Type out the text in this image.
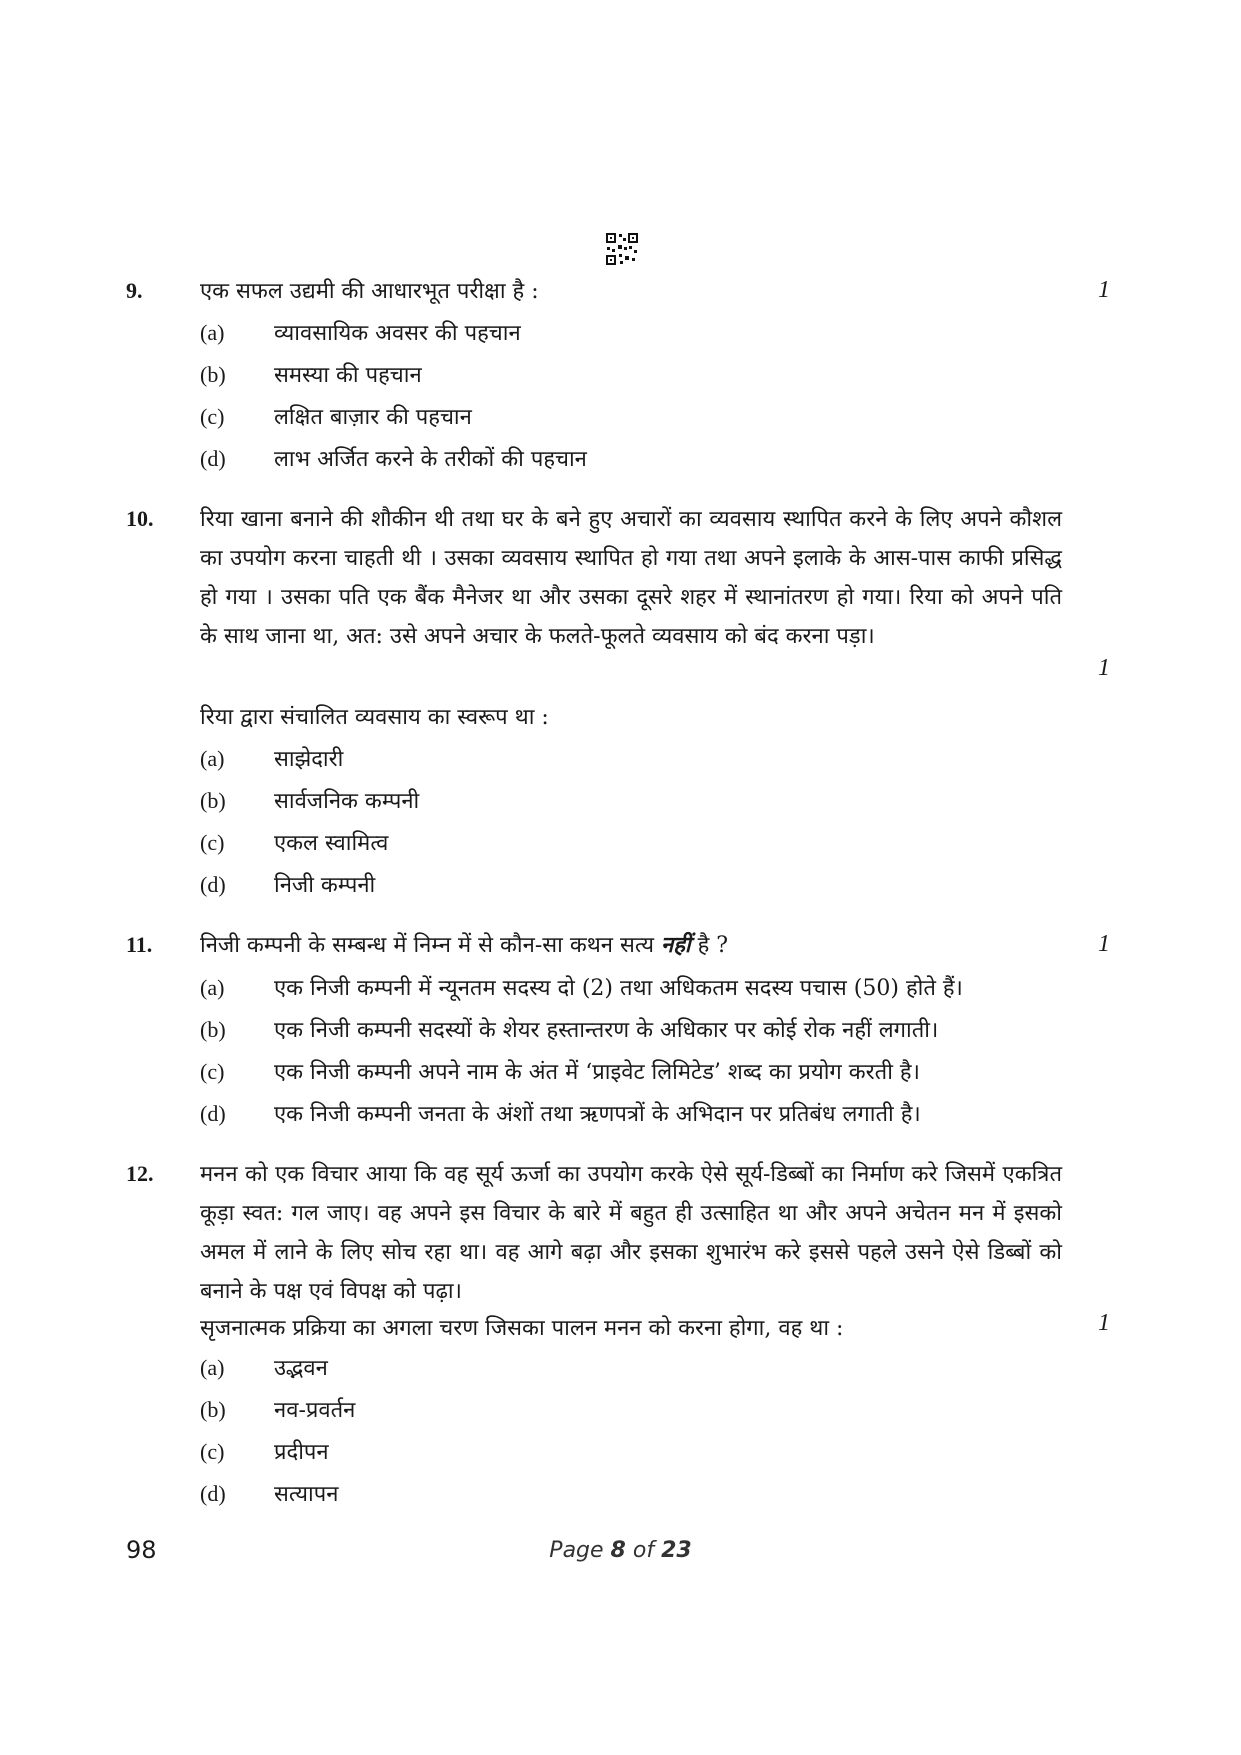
9.	एक सफल उद्यमी की आधारभूत परीक्षा है :	1
(a) व्यावसायिक अवसर की पहचान
(b) समस्या की पहचान
(c) लक्षित बाज़ार की पहचान
(d) लाभ अर्जित करने के तरीकों की पहचान
10. रिया खाना बनाने की शौकीन थी तथा घर के बने हुए अचारों का व्यवसाय स्थापित करने के लिए अपने कौशल का उपयोग करना चाहती थी । उसका व्यवसाय स्थापित हो गया तथा अपने इलाके के आस-पास काफी प्रसिद्ध हो गया । उसका पति एक बैंक मैनेजर था और उसका दूसरे शहर में स्थानांतरण हो गया। रिया को अपने पति के साथ जाना था, अत: उसे अपने अचार के फलते-फूलते व्यवसाय को बंद करना पड़ा।
1
रिया द्वारा संचालित व्यवसाय का स्वरूप था :
(a) साझेदारी
(b) सार्वजनिक कम्पनी
(c) एकल स्वामित्व
(d) निजी कम्पनी
11. निजी कम्पनी के सम्बन्ध में निम्न में से कौन-सा कथन सत्य नहीं है ?	1
(a) एक निजी कम्पनी में न्यूनतम सदस्य दो (2) तथा अधिकतम सदस्य पचास (50) होते हैं।
(b) एक निजी कम्पनी सदस्यों के शेयर हस्तान्तरण के अधिकार पर कोई रोक नहीं लगाती।
(c) एक निजी कम्पनी अपने नाम के अंत में ‘प्राइवेट लिमिटेड’ शब्द का प्रयोग करती है।
(d) एक निजी कम्पनी जनता के अंशों तथा ऋणपत्रों के अभिदान पर प्रतिबंध लगाती है।
12. मनन को एक विचार आया कि वह सूर्य ऊर्जा का उपयोग करके ऐसे सूर्य-डिब्बों का निर्माण करे जिसमें एकत्रित कूड़ा स्वत: गल जाए। वह अपने इस विचार के बारे में बहुत ही उत्साहित था और अपने अचेतन मन में इसको अमल में लाने के लिए सोच रहा था। वह आगे बढ़ा और इसका शुभारंभ करे इससे पहले उसने ऐसे डिब्बों को बनाने के पक्ष एवं विपक्ष को पढ़ा।
1
सृजनात्मक प्रक्रिया का अगला चरण जिसका पालन मनन को करना होगा, वह था :
(a) उद्भवन
(b) नव-प्रवर्तन
(c) प्रदीपन
(d) सत्यापन
98	Page 8 of 23
